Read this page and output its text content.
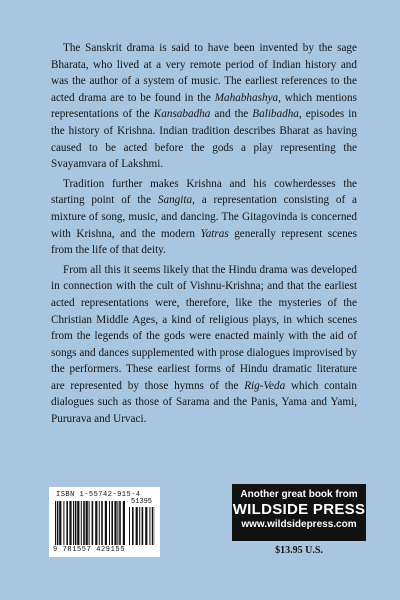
The Sanskrit drama is said to have been invented by the sage Bharata, who lived at a very remote period of Indian history and was the author of a system of music. The earliest references to the acted drama are to be found in the Mahabhashya, which mentions representations of the Kansabadha and the Balibadha, episodes in the history of Krishna. Indian tradition describes Bharat as having caused to be acted before the gods a play representing the Svayamvara of Lakshmi.

Tradition further makes Krishna and his cowherdesses the starting point of the Sangita, a representation consisting of a mixture of song, music, and dancing. The Gitagovinda is concerned with Krishna, and the modern Yatras generally represent scenes from the life of that deity.

From all this it seems likely that the Hindu drama was developed in connection with the cult of Vishnu-Krishna; and that the earliest acted representations were, therefore, like the mysteries of the Christian Middle Ages, a kind of religious plays, in which scenes from the legends of the gods were enacted mainly with the aid of songs and dances supplemented with prose dialogues improvised by the performers. These earliest forms of Hindu dramatic literature are represented by those hymns of the Rig-Veda which contain dialogues such as those of Sarama and the Panis, Yama and Yami, Pururava and Urvaci.

ISBN 1-55742-915-4
51395
9 781557 429155
Another great book from
WILDSIDE PRESS
www.wildsidepress.com
$13.95 U.S.
